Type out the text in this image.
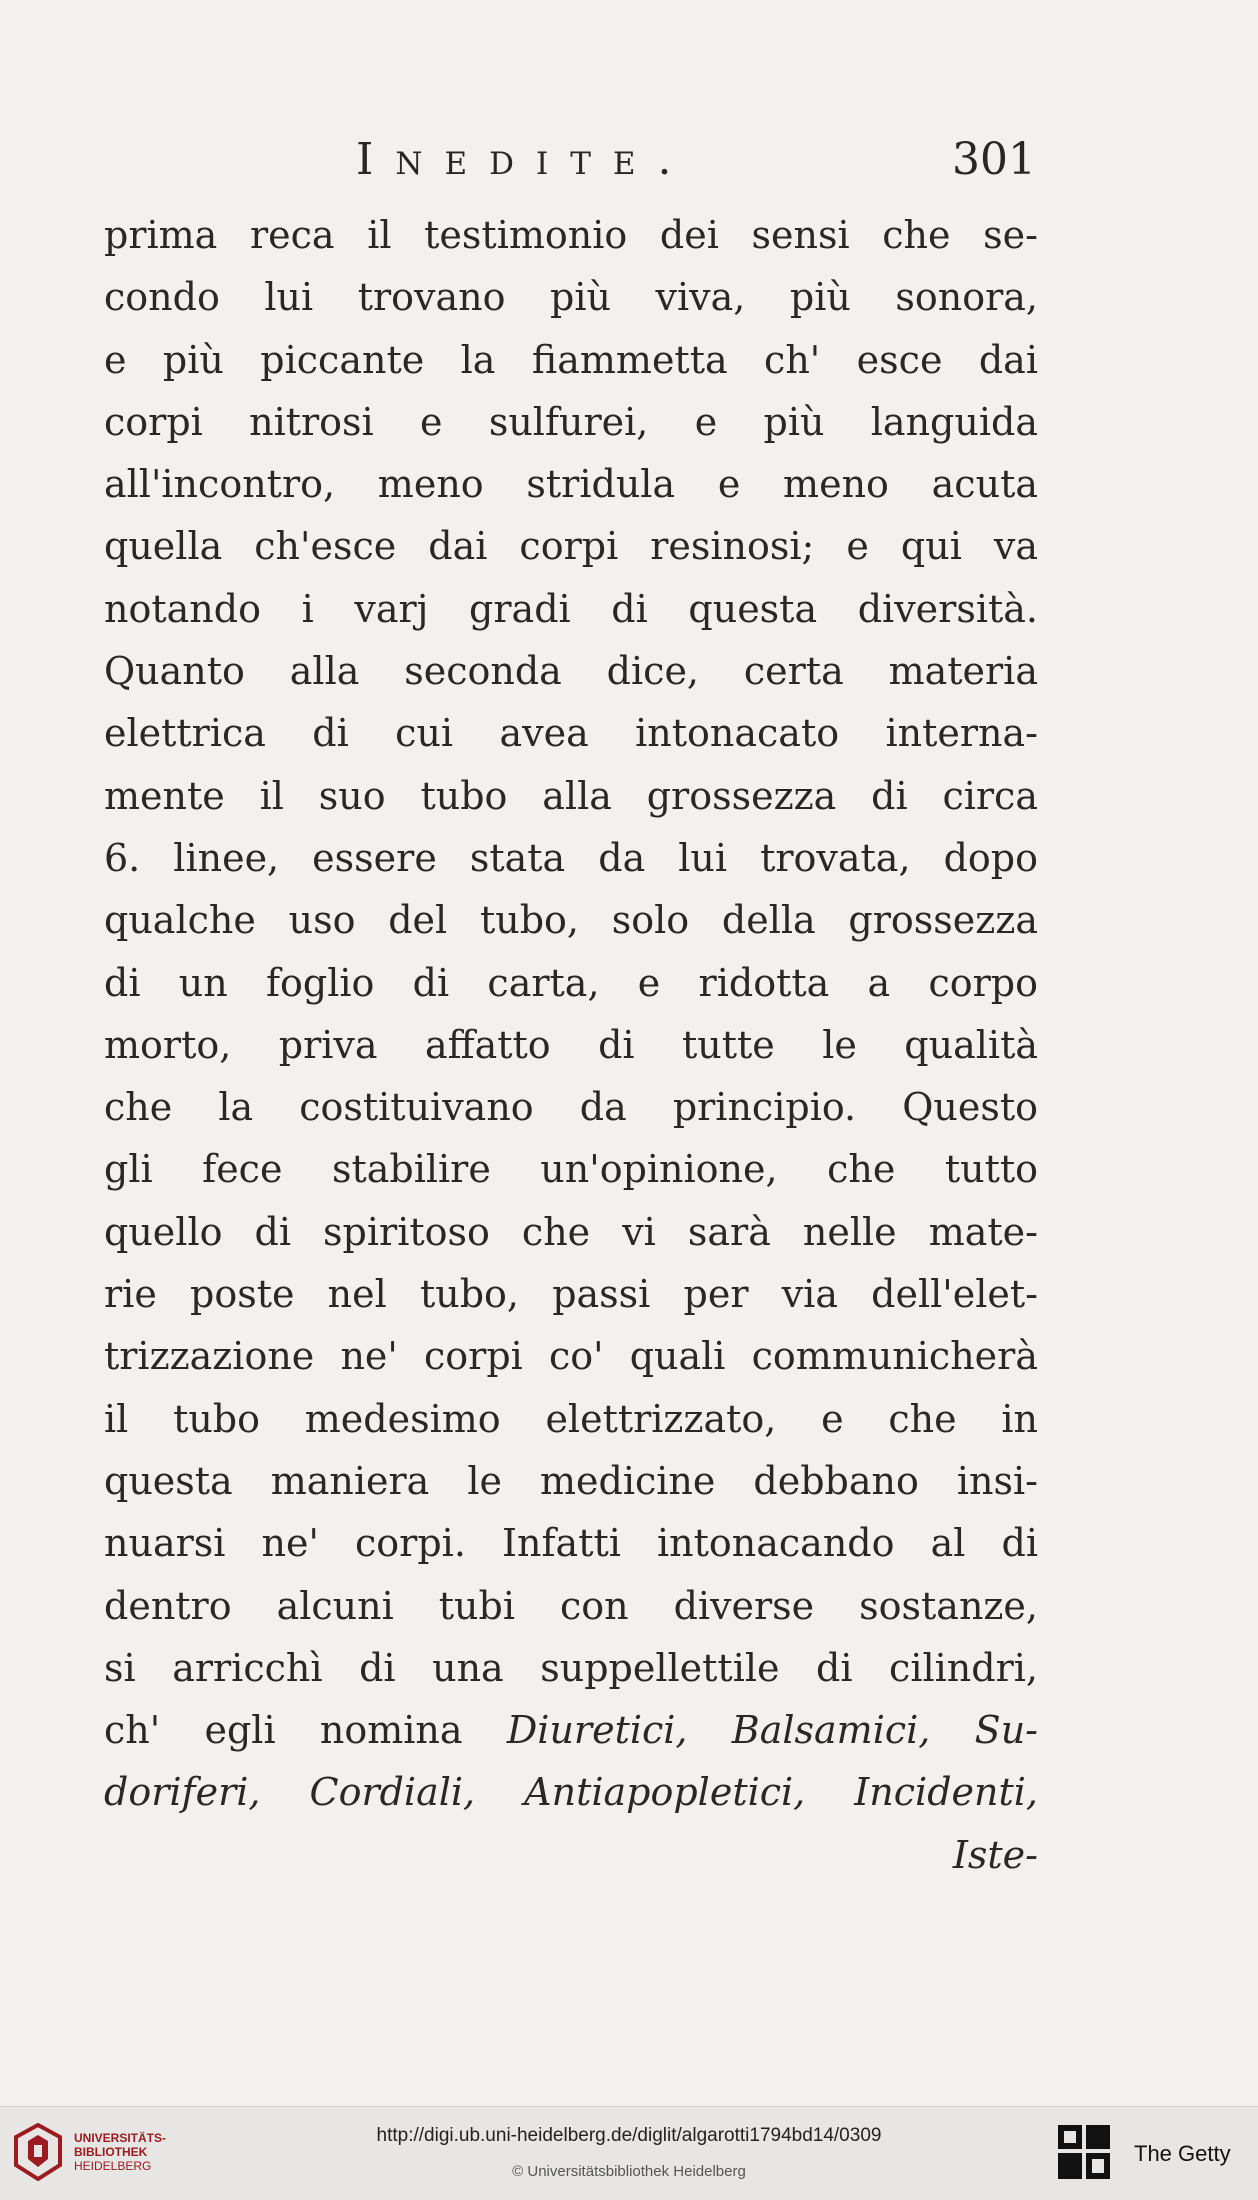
Inedite.	301
prima reca il testimonio dei sensi che se-
condo lui trovano più viva, più sonora,
e più piccante la fiammetta ch' esce dai
corpi nitrosi e sulfurei, e più languida
all'incontro, meno stridula e meno acuta
quella ch'esce dai corpi resinosi; e qui va
notando i varj gradi di questa diversità.
Quanto alla seconda dice, certa materia
elettrica di cui avea intonacato interna-
mente il suo tubo alla grossezza di circa
6. linee, essere stata da lui trovata, dopo
qualche uso del tubo, solo della grossezza
di un foglio di carta, e ridotta a corpo
morto, priva affatto di tutte le qualità
che la costituivano da principio. Questo
gli fece stabilire un'opinione, che tutto
quello di spiritoso che vi sarà nelle mate-
rie poste nel tubo, passi per via dell'elet-
trizzazione ne' corpi co' quali communicherà
il tubo medesimo elettrizzato, e che in
questa maniera le medicine debbano insi-
nuarsi ne' corpi. Infatti intonacando al di
dentro alcuni tubi con diverse sostanze,
si arricchì di una suppellettile di cilindri,
ch' egli nomina Diuretici, Balsamici, Su-
doriferi, Cordiali, Antiapopletici, Incidenti,
Iste-
UNIVERSITÄTS-
BIBLIOTHEK
HEIDELBERG
http://digi.ub.uni-heidelberg.de/diglit/algarotti1794bd14/0309
© Universitätsbibliothek Heidelberg
The Getty
